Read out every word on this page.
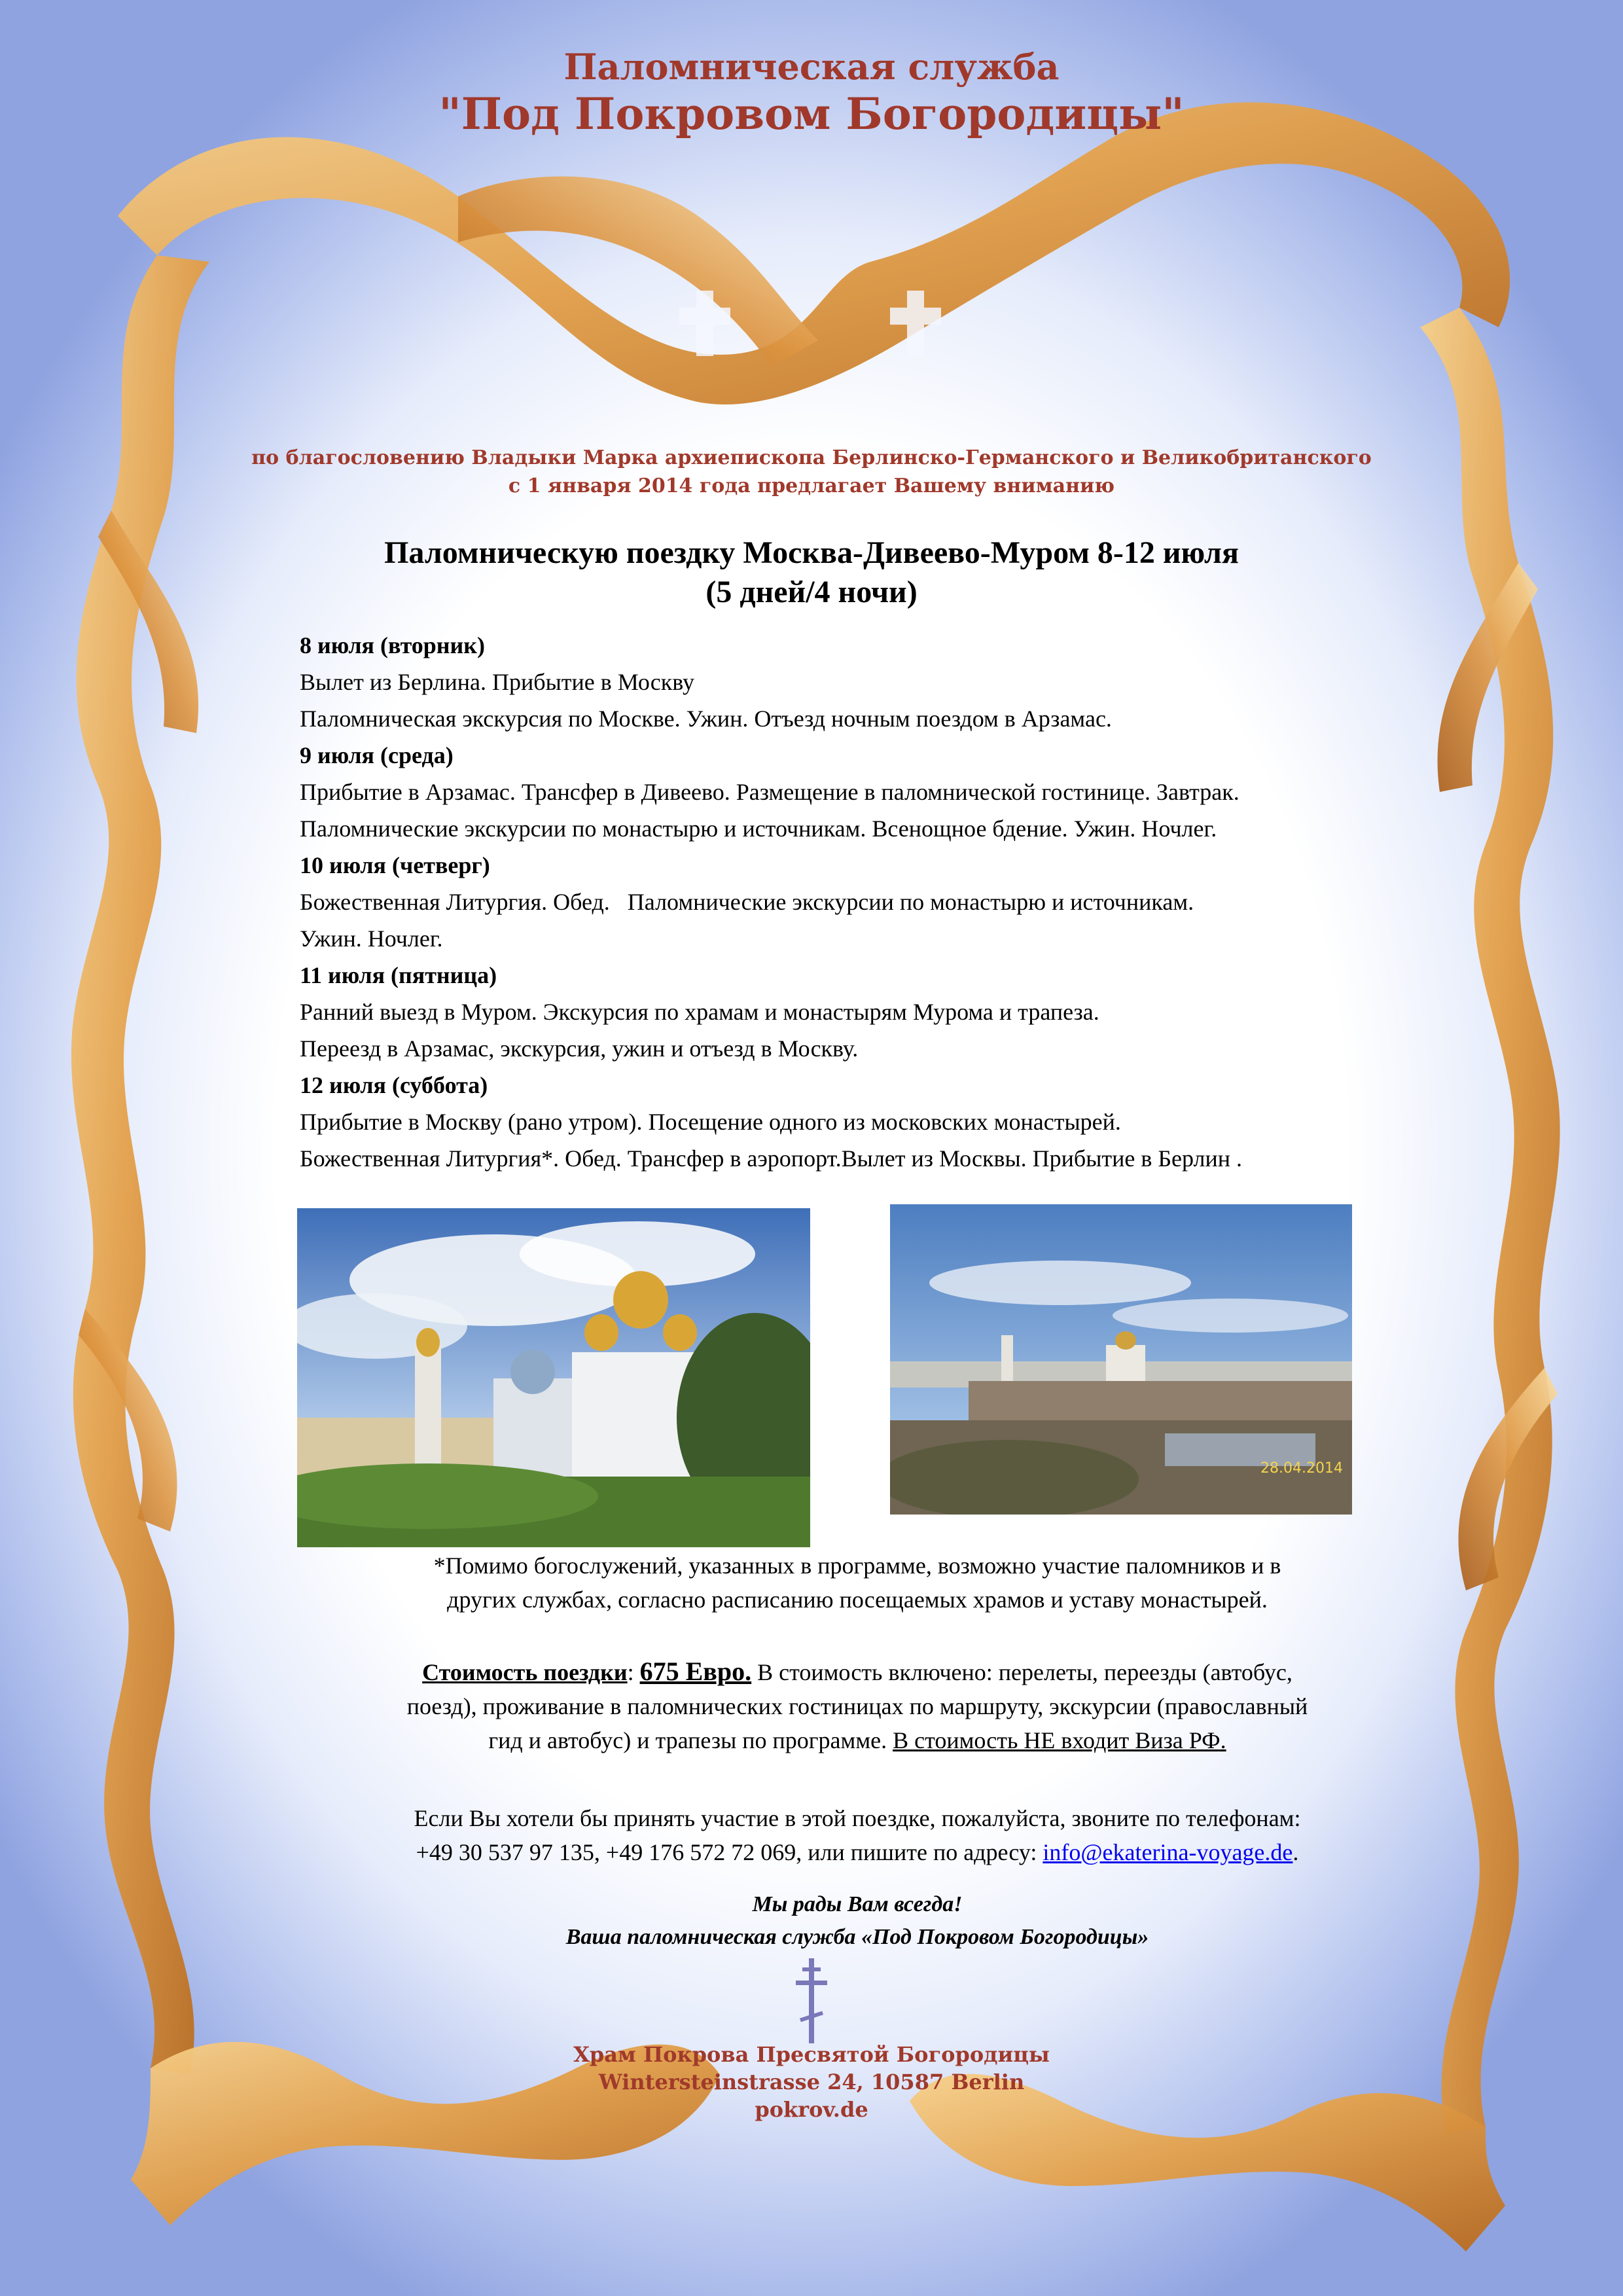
Паломническая служба
"Под Покровом Богородицы"
по благословению Владыки Марка архиепископа Берлинско-Германского и Великобританского
с 1 января 2014 года предлагает Вашему вниманию
Паломническую поездку Москва-Дивеево-Муром 8-12 июля
(5 дней/4 ночи)
8 июля (вторник)
Вылет из Берлина. Прибытие в Москву
Паломническая экскурсия по Москве. Ужин. Отъезд ночным поездом в Арзамас.
9 июля (среда)
Прибытие в Арзамас. Трансфер в Дивеево. Размещение в паломнической гостинице. Завтрак.
Паломнические экскурсии по монастырю и источникам. Всенощное бдение. Ужин. Ночлег.
10 июля (четверг)
Божественная Литургия. Обед.   Паломнические экскурсии по монастырю и источникам.
Ужин. Ночлег.
11 июля (пятница)
Ранний выезд в Муром. Экскурсия по храмам и монастырям Мурома и трапеза.
Переезд в Арзамас, экскурсия, ужин и отъезд в Москву.
12 июля (суббота)
Прибытие в Москву (рано утром). Посещение одного из московских монастырей.
Божественная Литургия*. Обед. Трансфер в аэропорт.Вылет из Москвы. Прибытие в Берлин .
28.04.2014
*Помимо богослужений, указанных в программе, возможно участие паломников и в
других службах, согласно расписанию посещаемых храмов и уставу монастырей.
Стоимость поездки: 675 Евро. В стоимость включено: перелеты, переезды (автобус,
поезд), проживание в паломнических гостиницах по маршруту, экскурсии (православный
гид и автобус) и трапезы по программе. В стоимость НЕ входит Виза РФ.
Если Вы хотели бы принять участие в этой поездке, пожалуйста, звоните по телефонам:
+49 30 537 97 135, +49 176 572 72 069, или пишите по адресу: info@ekaterina-voyage.de.
Мы рады Вам всегда!
Ваша паломническая служба «Под Покровом Богородицы»
Храм Покрова Пресвятой Богородицы
Wintersteinstrasse 24, 10587 Berlin
pokrov.de
